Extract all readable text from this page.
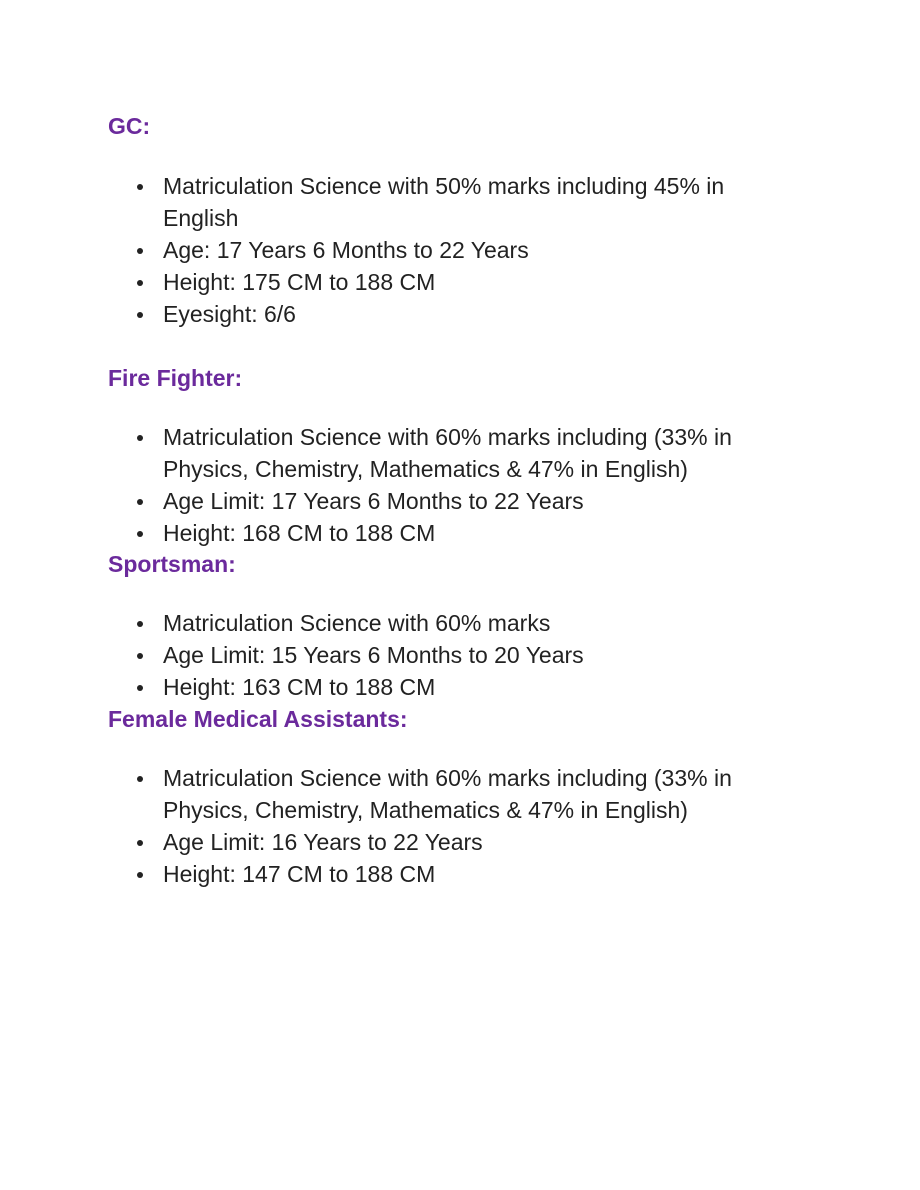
GC:
Matriculation Science with 50% marks including 45% in English
Age: 17 Years 6 Months to 22 Years
Height: 175 CM to 188 CM
Eyesight: 6/6
Fire Fighter:
Matriculation Science with 60% marks including (33% in Physics, Chemistry, Mathematics & 47% in English)
Age Limit: 17 Years 6 Months to 22 Years
Height: 168 CM to 188 CM
Sportsman:
Matriculation Science with 60% marks
Age Limit: 15 Years 6 Months to 20 Years
Height: 163 CM to 188 CM
Female Medical Assistants:
Matriculation Science with 60% marks including (33% in Physics, Chemistry, Mathematics & 47% in English)
Age Limit: 16 Years to 22 Years
Height: 147 CM to 188 CM
